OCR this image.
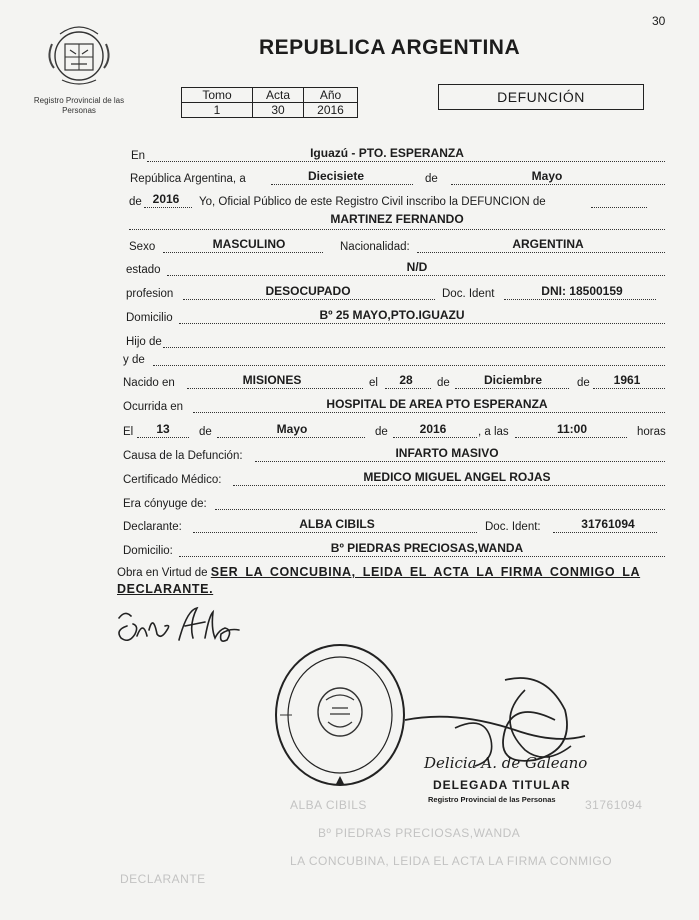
30
Registro Provincial de las Personas
REPUBLICA ARGENTINA
Tomo	Acta	Año
1	30	2016
DEFUNCIÓN
En	Iguazú - PTO. ESPERANZA
República Argentina, a	Diecisiete	de	Mayo
de 2016	Yo, Oficial Público de este Registro Civil inscribo la DEFUNCION de
MARTINEZ FERNANDO
Sexo	MASCULINO	Nacionalidad:	ARGENTINA
estado	N/D
profesion	DESOCUPADO	Doc. Ident	DNI: 18500159
Domicilio	Bº 25 MAYO,PTO.IGUAZU
Hijo de
y de
Nacido en	MISIONES	el	28	de	Diciembre	de	1961
Ocurrida en	HOSPITAL DE AREA PTO ESPERANZA
El	13	de	Mayo	de	2016	, a las	11:00	horas
Causa de la Defunción:	INFARTO MASIVO
Certificado Médico:	MEDICO MIGUEL ANGEL ROJAS
Era cónyuge de:
Declarante:	ALBA CIBILS	Doc. Ident:	31761094
Domicilio:	Bº PIEDRAS PRECIOSAS,WANDA
Obra en Virtud de SER LA CONCUBINA, LEIDA EL ACTA LA FIRMA CONMIGO LA DECLARANTE.
Delicia A. de Galeano
DELEGADA TITULAR
Registro Provincial de las Personas
ALBA CIBILS	31761094
Bº PIEDRAS PRECIOSAS,WANDA
LA CONCUBINA, LEIDA EL ACTA LA FIRMA CONMIGO
DECLARANTE
